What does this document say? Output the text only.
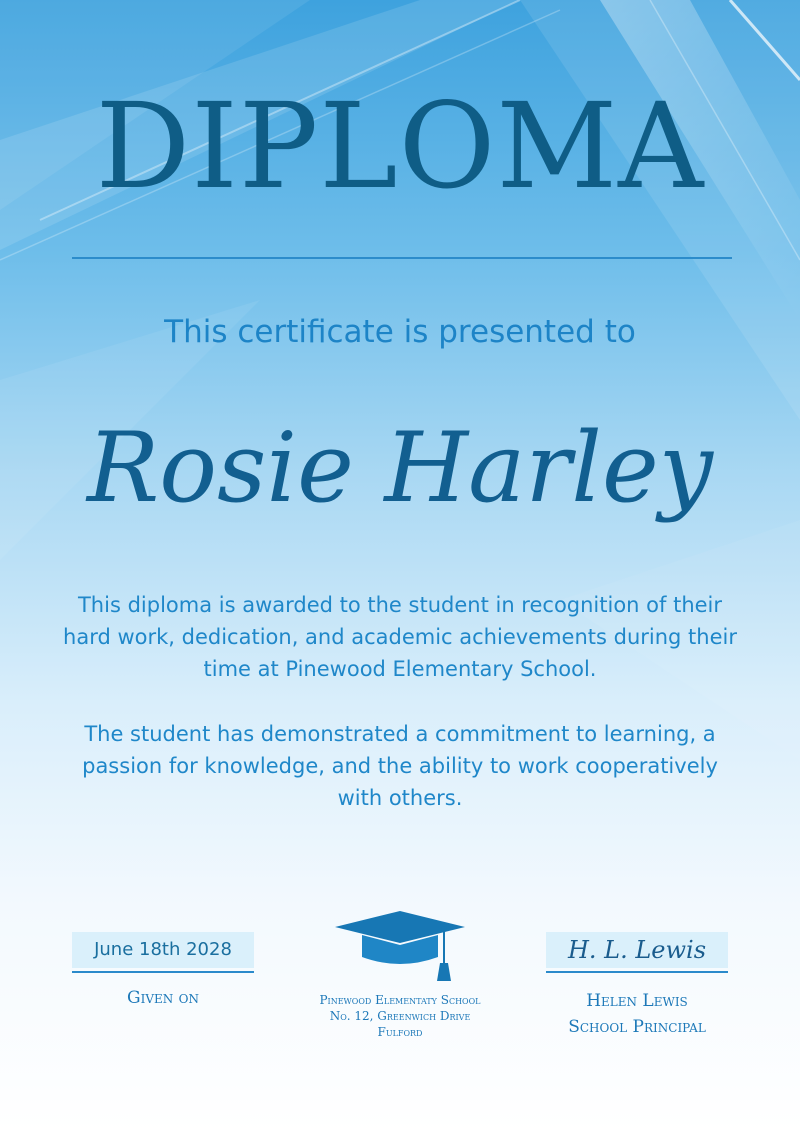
DIPLOMA
This certificate is presented to
Rosie Harley
This diploma is awarded to the student in recognition of their hard work, dedication, and academic achievements during their time at Pinewood Elementary School.
The student has demonstrated a commitment to learning, a passion for knowledge, and the ability to work cooperatively with others.
June 18th 2028
Given on	Pinewood Elementaty School
No. 12, Greenwich Drive
Fulford
H. L. Lewis
Helen Lewis
School Principal
